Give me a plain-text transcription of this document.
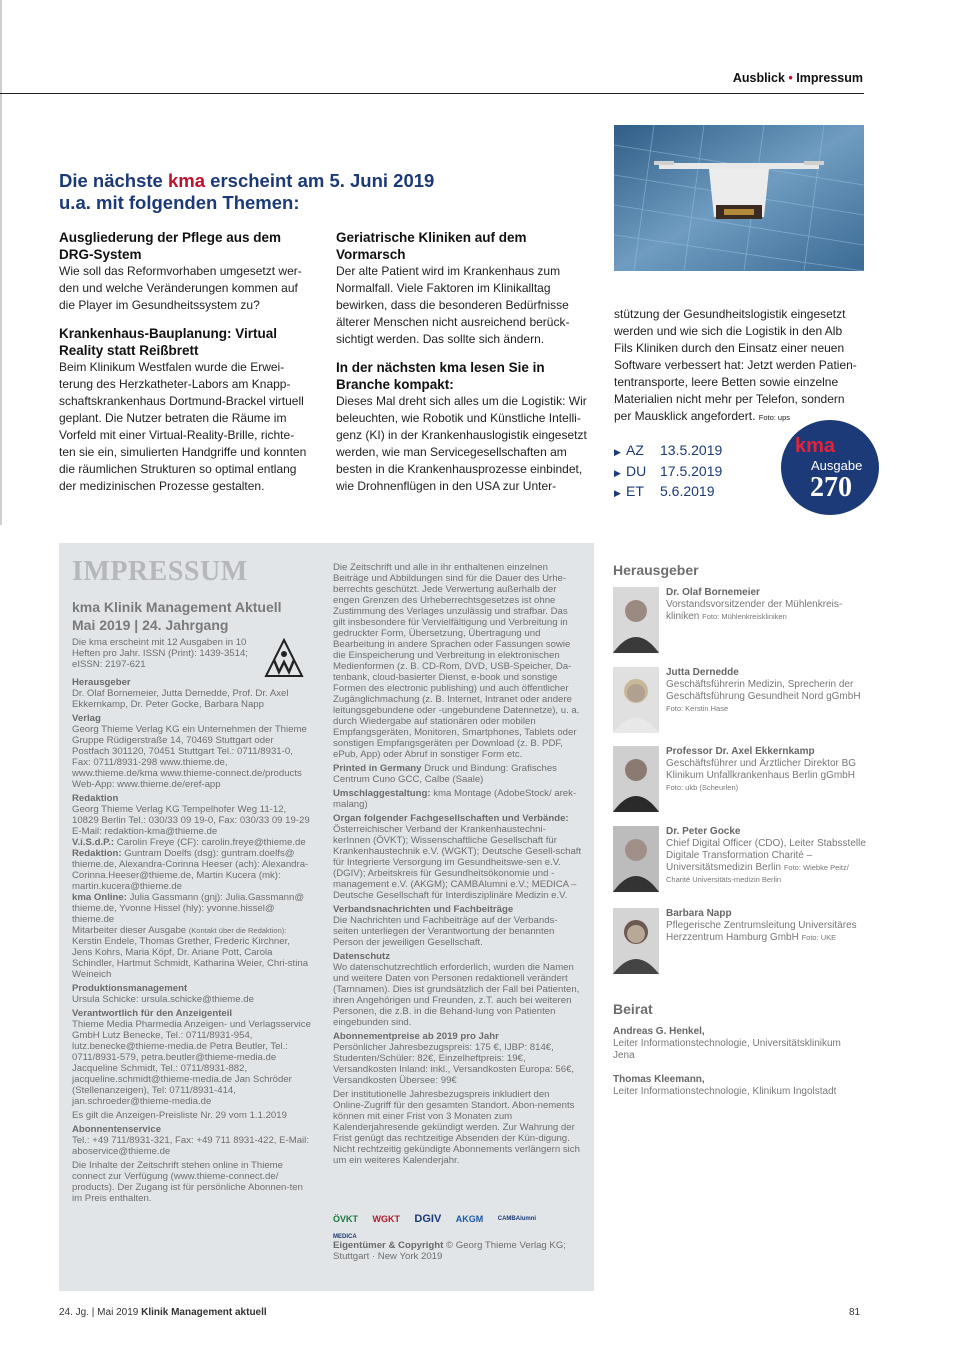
Ausblick • Impressum
Die nächste kma erscheint am 5. Juni 2019
u.a. mit folgenden Themen:
Ausgliederung der Pflege aus dem DRG-System

Wie soll das Reformvorhaben umgesetzt wer-den und welche Veränderungen kommen auf die Player im Gesundheitssystem zu?

Krankenhaus-Bauplanung: Virtual Reality statt Reißbrett

Beim Klinikum Westfalen wurde die Erwei-terung des Herzkatheter-Labors am Knapp-schaftskrankenhaus Dortmund-Brackel virtuell geplant. Die Nutzer betraten die Räume im Vorfeld mit einer Virtual-Reality-Brille, richte-ten sie ein, simulierten Handgriffe und konnten die räumlichen Strukturen so optimal entlang der medizinischen Prozesse gestalten.

Geriatrische Kliniken auf dem Vormarsch

Der alte Patient wird im Krankenhaus zum Normalfall. Viele Faktoren im Klinikalltag bewirken, dass die besonderen Bedürfnisse älterer Menschen nicht ausreichend berück-sichtigt werden. Das sollte sich ändern.

In der nächsten kma lesen Sie in Branche kompakt:

Dieses Mal dreht sich alles um die Logistik: Wir beleuchten, wie Robotik und Künstliche Intelli-genz (KI) in der Krankenhauslogistik eingesetzt werden, wie man Servicegesellschaften am besten in die Krankenhausprozesse einbindet, wie Drohnenflügen in den USA zur Unter-

stützung der Gesundheitslogistik eingesetzt werden und wie sich die Logistik in den Alb Fils Kliniken durch den Einsatz einer neuen Software verbessert hat: Jetzt werden Patien-tentransporte, leere Betten sowie einzelne Materialien nicht mehr per Telefon, sondern per Mausklick angefordert. Foto: ups
▶ AZ 13.5.2019
▶ DU 17.5.2019
▶ ET 5.6.2019
kma
Ausgabe
270
IMPRESSUM
kma Klinik Management Aktuell
Mai 2019 | 24. Jahrgang
Die kma erscheint mit 12 Ausgaben in 10 Heften pro Jahr. ISSN (Print): 1439-3514; eISSN: 2197-621

Herausgeber
Dr. Olaf Bornemeier, Jutta Dernedde, Prof. Dr. Axel Ekkernkamp, Dr. Peter Gocke, Barbara Napp

Verlag
Georg Thieme Verlag KG ein Unternehmen der Thieme Gruppe Rüdigerstraße 14, 70469 Stuttgart oder Postfach 301120, 70451 Stuttgart Tel.: 0711/8931-0, Fax: 0711/8931-298 www.thieme.de, www.thieme.de/kma www.thieme-connect.de/products Web-App: www.thieme.de/eref-app

Redaktion
Georg Thieme Verlag KG Tempelhofer Weg 11-12, 10829 Berlin Tel.: 030/33 09 19-0, Fax: 030/33 09 19-29 E-Mail: redaktion-kma@thieme.de
V.i.S.d.P.: Carolin Freye (CF): carolin.freye@thieme.de
Redaktion: Guntram Doelfs (dsg): guntram.doelfs@ thieme.de, Alexandra-Corinna Heeser (ach): Alexandra-Corinna.Heeser@thieme.de, Martin Kucera (mk): martin.kucera@thieme.de
kma Online: Julia Gassmann (gnj): Julia.Gassmann@ thieme.de, Yvonne Hissel (hly): yvonne.hissel@ thieme.de
Mitarbeiter dieser Ausgabe (Kontakt über die Redaktion): Kerstin Endele, Thomas Grether, Frederic Kirchner, Jens Kohrs, Maria Köpf, Dr. Ariane Pott, Carola Schindler, Hartmut Schmidt, Katharina Weier, Chri-stina Weineich

Produktionsmanagement
Ursula Schicke: ursula.schicke@thieme.de

Verantwortlich für den Anzeigenteil
Thieme Media Pharmedia Anzeigen- und Verlagsservice GmbH Lutz Benecke, Tel.: 0711/8931-954, lutz.benecke@thieme-media.de Petra Beutler, Tel.: 0711/8931-579, petra.beutler@thieme-media.de Jacqueline Schmidt, Tel.: 0711/8931-882, jacqueline.schmidt@thieme-media.de Jan Schröder (Stellenanzeigen), Tel: 0711/8931-414, jan.schroeder@thieme-media.de

Es gilt die Anzeigen-Preisliste Nr. 29 vom 1.1.2019

Abonnentenservice
Tel.: +49 711/8931-321, Fax: +49 711 8931-422, E-Mail: aboservice@thieme.de

Die Inhalte der Zeitschrift stehen online in Thieme connect zur Verfügung (www.thieme-connect.de/ products). Der Zugang ist für persönliche Abonnen-ten im Preis enthalten.

Die Zeitschrift und alle in ihr enthaltenen einzelnen Beiträge und Abbildungen sind für die Dauer des Urhe-berrechts geschützt. Jede Verwertung außerhalb der engen Grenzen des Urheberrechtsgesetzes ist ohne Zustimmung des Verlages unzulässig und strafbar. Das gilt insbesondere für Vervielfältigung und Verbreitung in gedruckter Form, Übersetzung, Übertragung und Bearbeitung in andere Sprachen oder Fassungen sowie die Einspeicherung und Verbreitung in elektronischen Medienformen (z. B. CD-Rom, DVD, USB-Speicher, Da-tenbank, cloud-basierter Dienst, e-book und sonstige Formen des electronic publishing) und auch öffentlicher Zugänglichmachung (z. B. Internet, Intranet oder andere leitungsgebundene oder -ungebundene Datennetze), u. a. durch Wiedergabe auf stationären oder mobilen Empfangsgeräten, Monitoren, Smartphones, Tablets oder sonstigen Empfangsgeräten per Download (z. B. PDF, ePub, App) oder Abruf in sonstiger Form etc.

Printed in Germany Druck und Bindung: Grafisches Centrum Cuno GCC, Calbe (Saale)

Umschlaggestaltung: kma Montage (AdobeStock/ arek-malang)

Organ folgender Fachgesellschaften und Verbände:
Österreichischer Verband der Krankenhaustechni-kerInnen (ÖVKT); Wissenschaftliche Gesellschaft für Krankenhaustechnik e.V. (WGKT); Deutsche Gesell-schaft für Integrierte Versorgung im Gesundheitswe-sen e.V. (DGIV); Arbeitskreis für Gesundheitsökonomie und -management e.V. (AKGM); CAMBAlumni e.V.; MEDICA – Deutsche Gesellschaft für Interdisziplinäre Medizin e.V.

Verbandsnachrichten und Fachbeiträge
Die Nachrichten und Fachbeiträge auf der Verbands-seiten unterliegen der Verantwortung der benannten Person der jeweiligen Gesellschaft.

Datenschutz
Wo datenschutzrechtlich erforderlich, wurden die Namen und weitere Daten von Personen redaktionell verändert (Tarnnamen). Dies ist grundsätzlich der Fall bei Patienten, ihren Angehörigen und Freunden, z.T. auch bei weiteren Personen, die z.B. in die Behand-lung von Patienten eingebunden sind.

Abonnementpreise ab 2019 pro Jahr
Persönlicher Jahresbezugspreis: 175 €, IJBP: 814€, Studenten/Schüler: 82€, Einzelheftpreis: 19€, Versandkosten Inland: inkl., Versandkosten Europa: 56€, Versandkosten Übersee: 99€

Der institutionelle Jahresbezugspreis inkludiert den Online-Zugriff für den gesamten Standort. Abon-nements können mit einer Frist von 3 Monaten zum Kalenderjahresende gekündigt werden. Zur Wahrung der Frist genügt das rechtzeitige Absenden der Kün-digung. Nicht rechtzeitig gekündigte Abonnements verlängern sich um ein weiteres Kalenderjahr.

ÖVKT WGKT DGIV AKGM CAMBAlumni MEDICA
Eigentümer & Copyright © Georg Thieme Verlag KG; Stuttgart · New York 2019
Herausgeber
Dr. Olaf Bornemeier
Vorstandsvorsitzender der Mühlenkreis-kliniken Foto: Mühlenkreiskliniken
Jutta Dernedde
Geschäftsführerin Medizin, Sprecherin der Geschäftsführung Gesundheit Nord gGmbH Foto: Kerstin Hase
Professor Dr. Axel Ekkernkamp
Geschäftsführer und Ärztlicher Direktor BG Klinikum Unfallkrankenhaus Berlin gGmbH Foto: ukb (Scheurlen)
Dr. Peter Gocke
Chief Digital Officer (CDO), Leiter Stabsstelle Digitale Transformation Charité – Universitätsmedizin Berlin Foto: Wiebke Peitz/ Charité Universitäts-medizin Berlin
Barbara Napp
Pflegerische Zentrumsleitung Universitäres Herzzentrum Hamburg GmbH Foto: UKE
Beirat
Andreas G. Henkel,
Leiter Informationstechnologie, Universitätsklinikum Jena
Thomas Kleemann,
Leiter Informationstechnologie, Klinikum Ingolstadt
24. Jg. | Mai 2019 Klinik Management aktuell	81
